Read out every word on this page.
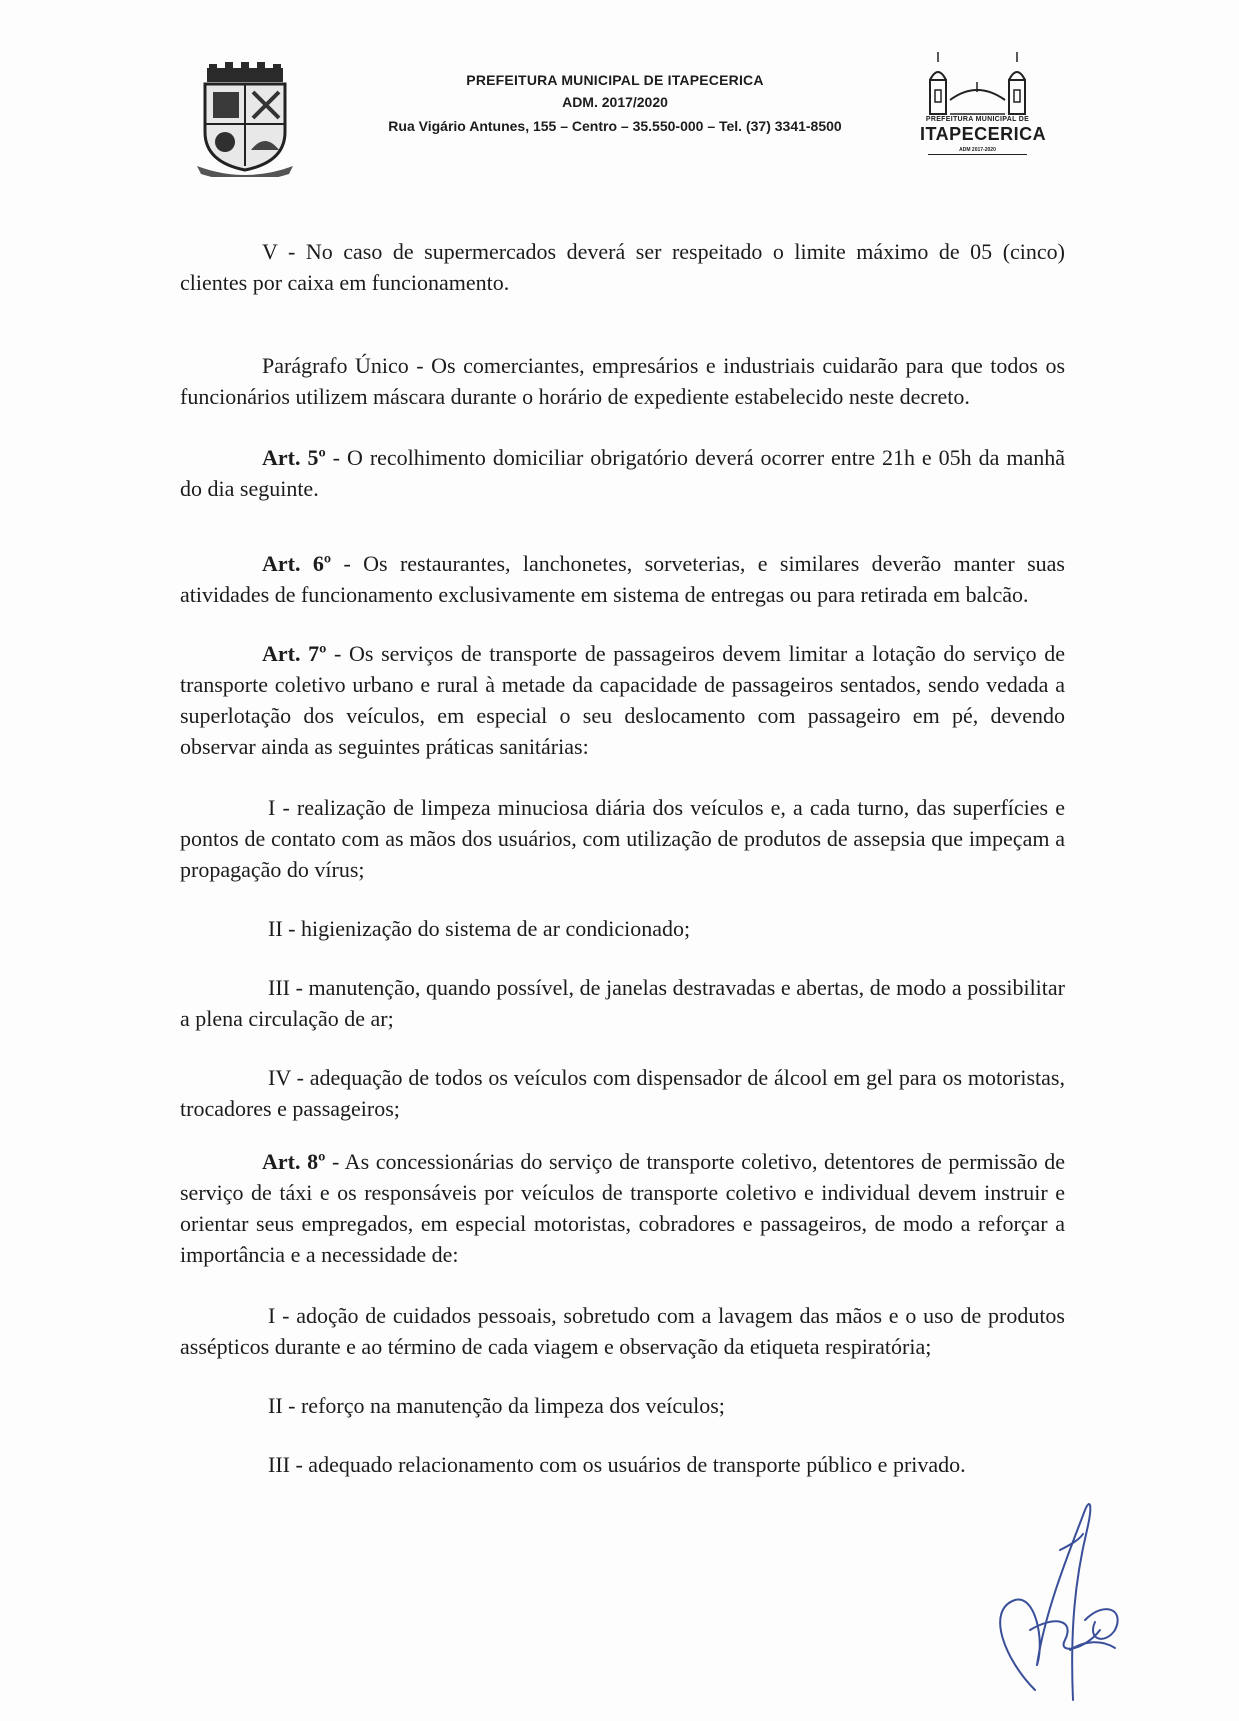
PREFEITURA MUNICIPAL DE ITAPECERICA
ADM. 2017/2020
Rua Vigário Antunes, 155 – Centro – 35.550-000 – Tel. (37) 3341-8500	PREFEITURA MUNICIPAL DE
ITAPECERICA
ADM 2017-2020

V - No caso de supermercados deverá ser respeitado o limite máximo de 05 (cinco) clientes por caixa em funcionamento.

Parágrafo Único - Os comerciantes, empresários e industriais cuidarão para que todos os funcionários utilizem máscara durante o horário de expediente estabelecido neste decreto.

Art. 5º - O recolhimento domiciliar obrigatório deverá ocorrer entre 21h e 05h da manhã do dia seguinte.

Art. 6º - Os restaurantes, lanchonetes, sorveterias, e similares deverão manter suas atividades de funcionamento exclusivamente em sistema de entregas ou para retirada em balcão.

Art. 7º - Os serviços de transporte de passageiros devem limitar a lotação do serviço de transporte coletivo urbano e rural à metade da capacidade de passageiros sentados, sendo vedada a superlotação dos veículos, em especial o seu deslocamento com passageiro em pé, devendo observar ainda as seguintes práticas sanitárias:

I - realização de limpeza minuciosa diária dos veículos e, a cada turno, das superfícies e pontos de contato com as mãos dos usuários, com utilização de produtos de assepsia que impeçam a propagação do vírus;

II - higienização do sistema de ar condicionado;

III - manutenção, quando possível, de janelas destravadas e abertas, de modo a possibilitar a plena circulação de ar;

IV - adequação de todos os veículos com dispensador de álcool em gel para os motoristas, trocadores e passageiros;

Art. 8º - As concessionárias do serviço de transporte coletivo, detentores de permissão de serviço de táxi e os responsáveis por veículos de transporte coletivo e individual devem instruir e orientar seus empregados, em especial motoristas, cobradores e passageiros, de modo a reforçar a importância e a necessidade de:

I - adoção de cuidados pessoais, sobretudo com a lavagem das mãos e o uso de produtos assépticos durante e ao término de cada viagem e observação da etiqueta respiratória;

II - reforço na manutenção da limpeza dos veículos;

III - adequado relacionamento com os usuários de transporte público e privado.
